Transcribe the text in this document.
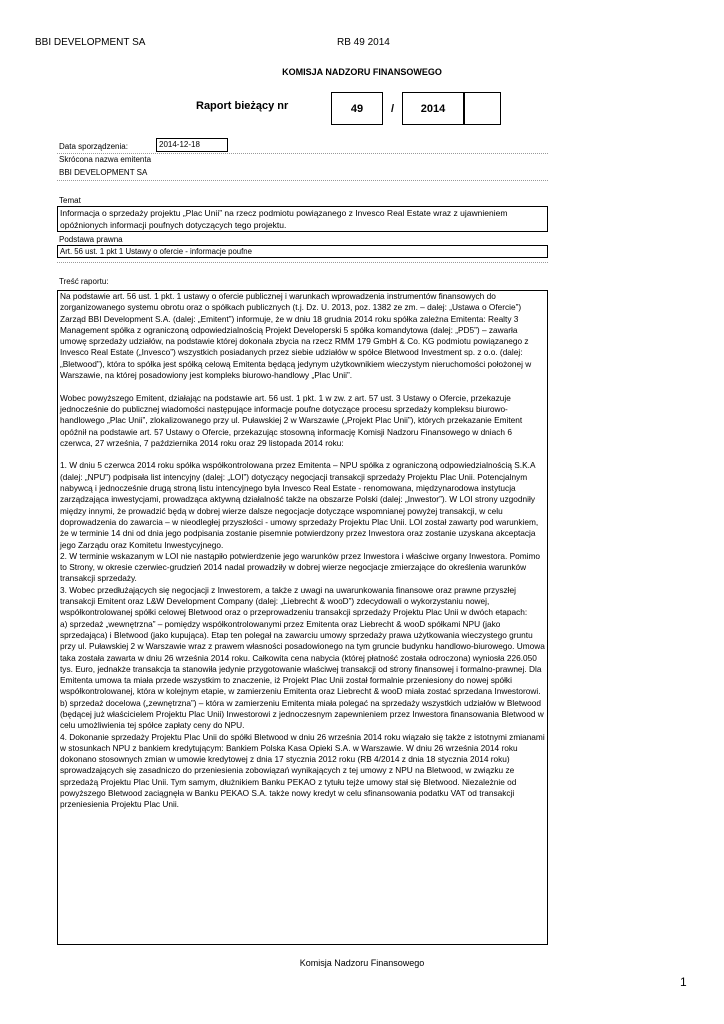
BBI DEVELOPMENT SA	RB 49 2014
KOMISJA NADZORU FINANSOWEGO
Raport bieżący nr	49	/	2014
Data sporządzenia:	2014-12-18
Skrócona nazwa emitenta
BBI DEVELOPMENT SA
Temat
Informacja o sprzedaży projektu „Plac Unii” na rzecz podmiotu powiązanego z Invesco Real Estate wraz z ujawnieniem opóźnionych informacji poufnych dotyczących tego projektu.
Podstawa prawna
Art. 56 ust. 1 pkt 1 Ustawy o ofercie - informacje poufne
Treść raportu:

Na podstawie art. 56 ust. 1 pkt. 1 ustawy o ofercie publicznej i warunkach wprowadzenia instrumentów finansowych do zorganizowanego systemu obrotu oraz o spółkach publicznych (t.j. Dz. U. 2013, poz. 1382 ze zm. – dalej: „Ustawa o Ofercie”) Zarząd BBI Development S.A. (dalej: „Emitent”) informuje, że w dniu 18 grudnia 2014 roku spółka zależna Emitenta: Realty 3 Management spółka z ograniczoną odpowiedzialnością Projekt Developerski 5 spółka komandytowa (dalej: „PD5”) – zawarła umowę sprzedaży udziałów, na podstawie której dokonała zbycia na rzecz RMM 179 GmbH & Co. KG podmiotu powiązanego z Invesco Real Estate („Invesco”) wszystkich posiadanych przez siebie udziałów w spółce Bletwood Investment sp. z o.o. (dalej: „Bletwood”), która to spółka jest spółką celową Emitenta będącą jedynym użytkownikiem wieczystym nieruchomości położonej w Warszawie, na której posadowiony jest kompleks biurowo-handlowy „Plac Unii”.

Wobec powyższego Emitent, działając na podstawie art. 56 ust. 1 pkt. 1 w zw. z art. 57 ust. 3 Ustawy o Ofercie, przekazuje jednocześnie do publicznej wiadomości następujące informacje poufne dotyczące procesu sprzedaży kompleksu biurowo-handlowego „Plac Unii”, zlokalizowanego przy ul. Puławskiej 2 w Warszawie („Projekt Plac Unii”), których przekazanie Emitent opóźnił na podstawie art. 57 Ustawy o Ofercie, przekazując stosowną informację Komisji Nadzoru Finansowego w dniach 6 czerwca, 27 września, 7 października 2014 roku oraz 29 listopada 2014 roku:

1. W dniu 5 czerwca 2014 roku spółka współkontrolowana przez Emitenta – NPU spółka z ograniczoną odpowiedzialnością S.K.A (dalej: „NPU”) podpisała list intencyjny (dalej: „LOI”) dotyczący negocjacji transakcji sprzedaży Projektu Plac Unii. Potencjalnym nabywcą i jednocześnie drugą stroną listu intencyjnego była Invesco Real Estate - renomowana, międzynarodowa instytucja zarządzająca inwestycjami, prowadząca aktywną działalność także na obszarze Polski (dalej: „Inwestor”). W LOI strony uzgodniły między innymi, że prowadzić będą w dobrej wierze dalsze negocjacje dotyczące wspomnianej powyżej transakcji, w celu doprowadzenia do zawarcia – w nieodległej przyszłości - umowy sprzedaży Projektu Plac Unii. LOI został zawarty pod warunkiem, że w terminie 14 dni od dnia jego podpisania zostanie pisemnie potwierdzony przez Inwestora oraz zostanie uzyskana akceptacja jego Zarządu oraz Komitetu Inwestycyjnego.

2. W terminie wskazanym w LOI nie nastąpiło potwierdzenie jego warunków przez Inwestora i właściwe organy Inwestora. Pomimo to Strony, w okresie czerwiec-grudzień 2014 nadal prowadziły w dobrej wierze negocjacje zmierzające do określenia warunków transakcji sprzedaży.

3. Wobec przedłużających się negocjacji z Inwestorem, a także z uwagi na uwarunkowania finansowe oraz prawne przyszłej transakcji Emitent oraz L&W Development Company (dalej: „Liebrecht & wooD”) zdecydowali o wykorzystaniu nowej, współkontrolowanej spółki celowej Bletwood oraz o przeprowadzeniu transakcji sprzedaży Projektu Plac Unii w dwóch etapach:

a) sprzedaż „wewnętrzna” – pomiędzy współkontrolowanymi przez Emitenta oraz Liebrecht & wooD spółkami NPU (jako sprzedająca) i Bletwood (jako kupująca). Etap ten polegał na zawarciu umowy sprzedaży prawa użytkowania wieczystego gruntu przy ul. Puławskiej 2 w Warszawie wraz z prawem własności posadowionego na tym gruncie budynku handlowo-biurowego. Umowa taka została zawarta w dniu 26 września 2014 roku. Całkowita cena nabycia (której płatność została odroczona) wyniosła 226.050 tys. Euro, jednakże transakcja ta stanowiła jedynie przygotowanie właściwej transakcji od strony finansowej i formalno-prawnej. Dla Emitenta umowa ta miała przede wszystkim to znaczenie, iż Projekt Plac Unii został formalnie przeniesiony do nowej spółki współkontrolowanej, która w kolejnym etapie, w zamierzeniu Emitenta oraz Liebrecht & wooD miała zostać sprzedana Inwestorowi.

b) sprzedaż docelowa („zewnętrzna”) – która w zamierzeniu Emitenta miała polegać na sprzedaży wszystkich udziałów w Bletwood (będącej już właścicielem Projektu Plac Unii) Inwestorowi z jednoczesnym zapewnieniem przez Inwestora finansowania Bletwood w celu umożliwienia tej spółce zapłaty ceny do NPU.

4. Dokonanie sprzedaży Projektu Plac Unii do spółki Bletwood w dniu 26 września 2014 roku wiązało się także z istotnymi zmianami w stosunkach NPU z bankiem kredytującym: Bankiem Polska Kasa Opieki S.A. w Warszawie. W dniu 26 września 2014 roku dokonano stosownych zmian w umowie kredytowej z dnia 17 stycznia 2012 roku (RB 4/2014 z dnia 18 stycznia 2014 roku) sprowadzających się zasadniczo do przeniesienia zobowiązań wynikających z tej umowy z NPU na Bletwood, w związku ze sprzedażą Projektu Plac Unii. Tym samym, dłużnikiem Banku PEKAO z tytułu tejże umowy stał się Bletwood. Niezależnie od powyższego Bletwood zaciągnęła w Banku PEKAO S.A. także nowy kredyt w celu sfinansowania podatku VAT od transakcji przeniesienia Projektu Plac Unii.

Komisja Nadzoru Finansowego
1
